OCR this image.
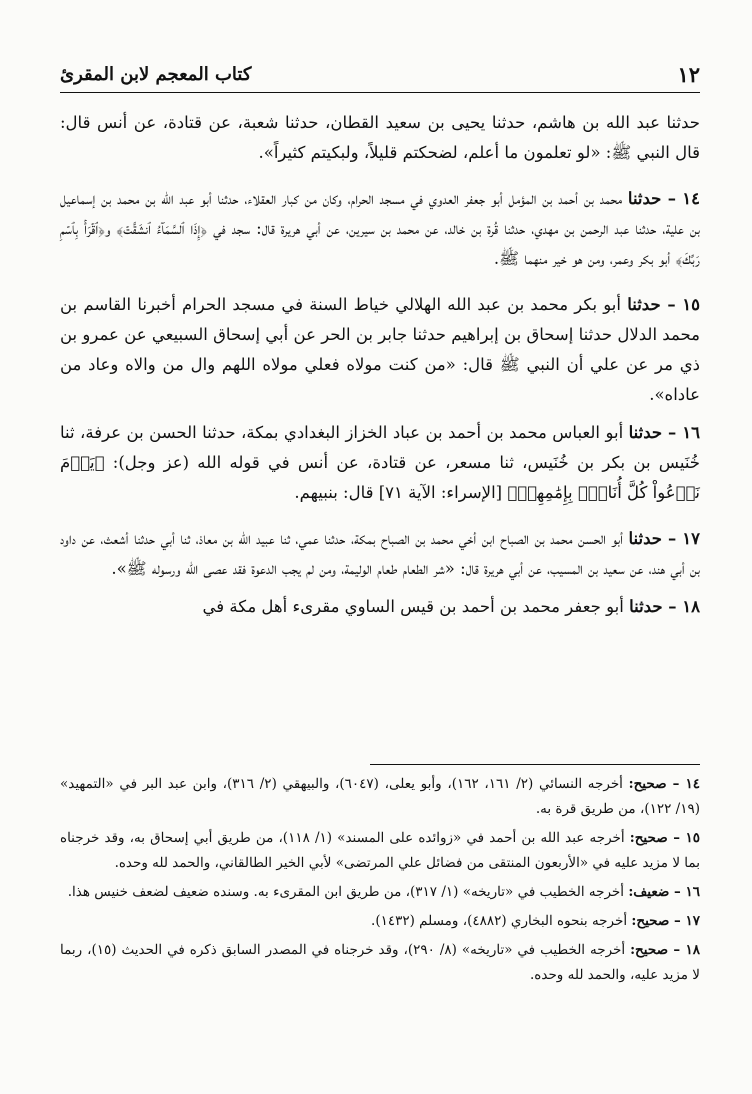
١٢
كتاب المعجم لابن المقرئ

حدثنا عبد الله بن هاشم، حدثنا يحيى بن سعيد القطان، حدثنا شعبة، عن قتادة، عن أنس قال: قال النبي ﷺ: «لو تعلمون ما أعلم، لضحكتم قليلاً، ولبكيتم كثيراً».

١٤ – حدثنا محمد بن أحمد بن المؤمل أبو جعفر العدوي في مسجد الحرام، وكان من كبار العقلاء، حدثنا أبو عبد الله بن محمد بن إسماعيل بن علية، حدثنا عبد الرحمن بن مهدي، حدثنا قُرة بن خالد، عن محمد بن سيرين، عن أبي هريرة قال: سجد في ﴿إِذَا ٱلسَّمَآءُ ٱنشَقَّتۡ﴾ و﴿ٱقۡرَأۡ بِٱسۡمِ رَبِّكَ﴾ أبو بكر وعمر، ومن هو خير منهما ﷺ.

١٥ – حدثنا أبو بكر محمد بن عبد الله الهلالي خياط السنة في مسجد الحرام أخبرنا القاسم بن محمد الدلال حدثنا إسحاق بن إبراهيم حدثنا جابر بن الحر عن أبي إسحاق السبيعي عن عمرو بن ذي مر عن علي أن النبي ﷺ قال: «من كنت مولاه فعلي مولاه اللهم وال من والاه وعاد من عاداه».

١٦ – حدثنا أبو العباس محمد بن أحمد بن عباد الخزاز البغدادي بمكة، حدثنا الحسن بن عرفة، ثنا خُنَيس بن بكر بن خُنَيس، ثنا مسعر، عن قتادة، عن أنس في قوله الله (عز وجل): ﴿يَوۡمَ نَدۡعُواْ كُلَّ أُنَاسِۭ بِإِمَٰمِهِمۡ﴾ [الإسراء: الآية ٧١] قال: بنبيهم.

١٧ – حدثنا أبو الحسن محمد بن الصباح ابن أخي محمد بن الصباح بمكة، حدثنا عمي، ثنا عبيد الله بن معاذ، ثنا أبي حدثنا أشعث، عن داود بن أبي هند، عن سعيد بن المسيب، عن أبي هريرة قال: «شر الطعام طعام الوليمة، ومن لم يجب الدعوة فقد عصى الله ورسوله ﷺ».

١٨ – حدثنا أبو جعفر محمد بن أحمد بن قيس الساوي مقرىء أهل مكة في

١٤ – صحيح: أخرجه النسائي (٢/ ١٦١، ١٦٢)، وأبو يعلى، (٦٠٤٧)، والبيهقي (٢/ ٣١٦)، وابن عبد البر في «التمهيد» (١٩/ ١٢٢)، من طريق قرة به.

١٥ – صحيح: أخرجه عبد الله بن أحمد في «زوائده على المسند» (١/ ١١٨)، من طريق أبي إسحاق به، وقد خرجناه بما لا مزيد عليه في «الأربعون المنتقى من فضائل علي المرتضى» لأبي الخير الطالقاني، والحمد لله وحده.

١٦ – ضعيف: أخرجه الخطيب في «تاريخه» (١/ ٣١٧)، من طريق ابن المقرىء به. وسنده ضعيف لضعف خنيس هذا.

١٧ – صحيح: أخرجه بنحوه البخاري (٤٨٨٢)، ومسلم (١٤٣٢).

١٨ – صحيح: أخرجه الخطيب في «تاريخه» (٨/ ٢٩٠)، وقد خرجناه في المصدر السابق ذكره في الحديث (١٥)، ربما لا مزيد عليه، والحمد لله وحده.
